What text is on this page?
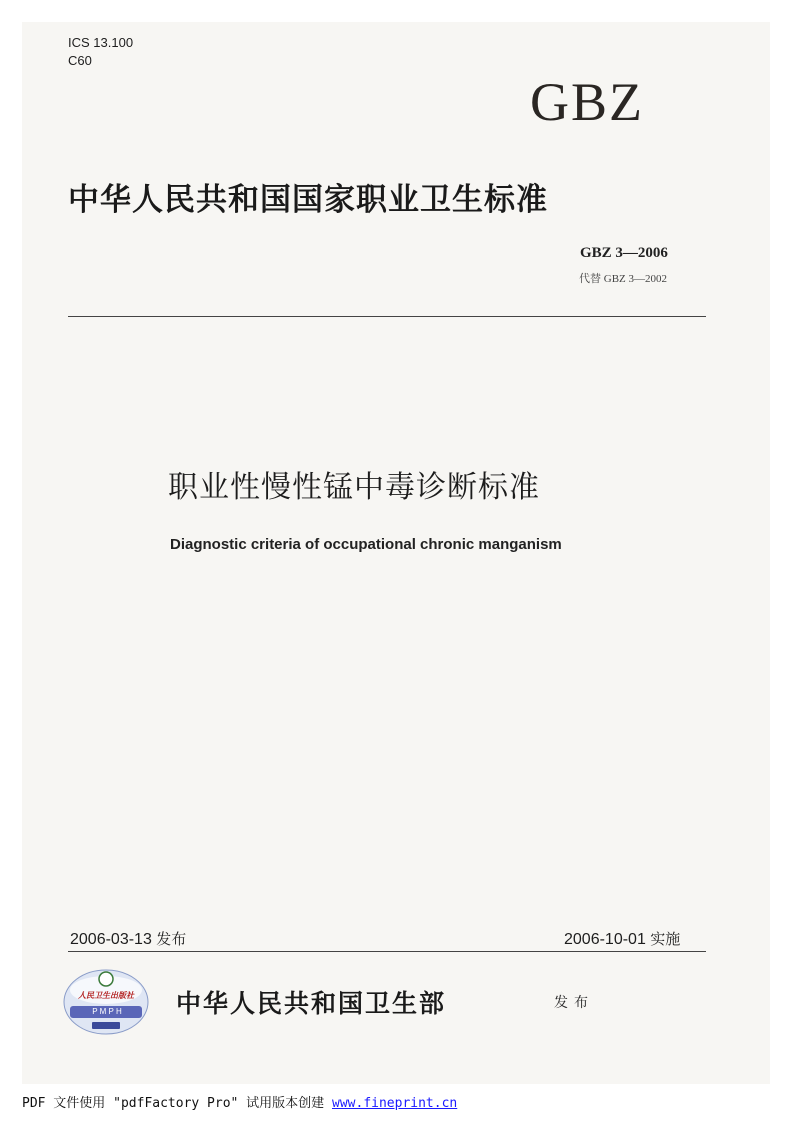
ICS 13.100
C60
GBZ
中华人民共和国国家职业卫生标准
GBZ 3—2006
代替 GBZ 3—2002
职业性慢性锰中毒诊断标准
Diagnostic criteria of occupational chronic manganism
2006-03-13 发布	2006-10-01 实施
人民卫生出版社
P M P H	中华人民共和国卫生部	发布
PDF 文件使用 "pdfFactory Pro" 试用版本创建 www.fineprint.cn
